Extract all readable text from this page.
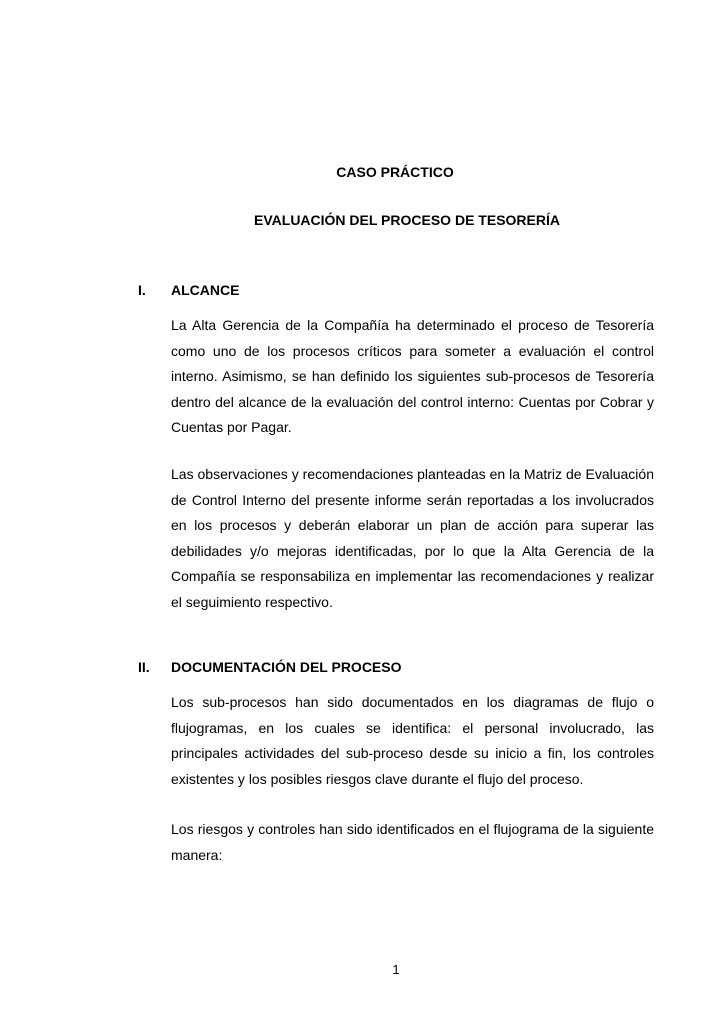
CASO PRÁCTICO
EVALUACIÓN DEL PROCESO DE TESORERÍA
I.	ALCANCE
La Alta Gerencia de la Compañía ha determinado el proceso de Tesorería como uno de los procesos críticos para someter a evaluación el control interno. Asimismo, se han definido los siguientes sub-procesos de Tesorería dentro del alcance de la evaluación del control interno: Cuentas por Cobrar y Cuentas por Pagar.
Las observaciones y recomendaciones planteadas en la Matriz de Evaluación de Control Interno del presente informe serán reportadas a los involucrados en los procesos y deberán elaborar un plan de acción para superar las debilidades y/o mejoras identificadas, por lo que la Alta Gerencia de la Compañía se responsabiliza en implementar las recomendaciones y realizar el seguimiento respectivo.
II.	DOCUMENTACIÓN DEL PROCESO
Los sub-procesos han sido documentados en los diagramas de flujo o flujogramas, en los cuales se identifica: el personal involucrado, las principales actividades del sub-proceso desde su inicio a fin, los controles existentes y los posibles riesgos clave durante el flujo del proceso.
Los riesgos y controles han sido identificados en el flujograma de la siguiente manera:
1
